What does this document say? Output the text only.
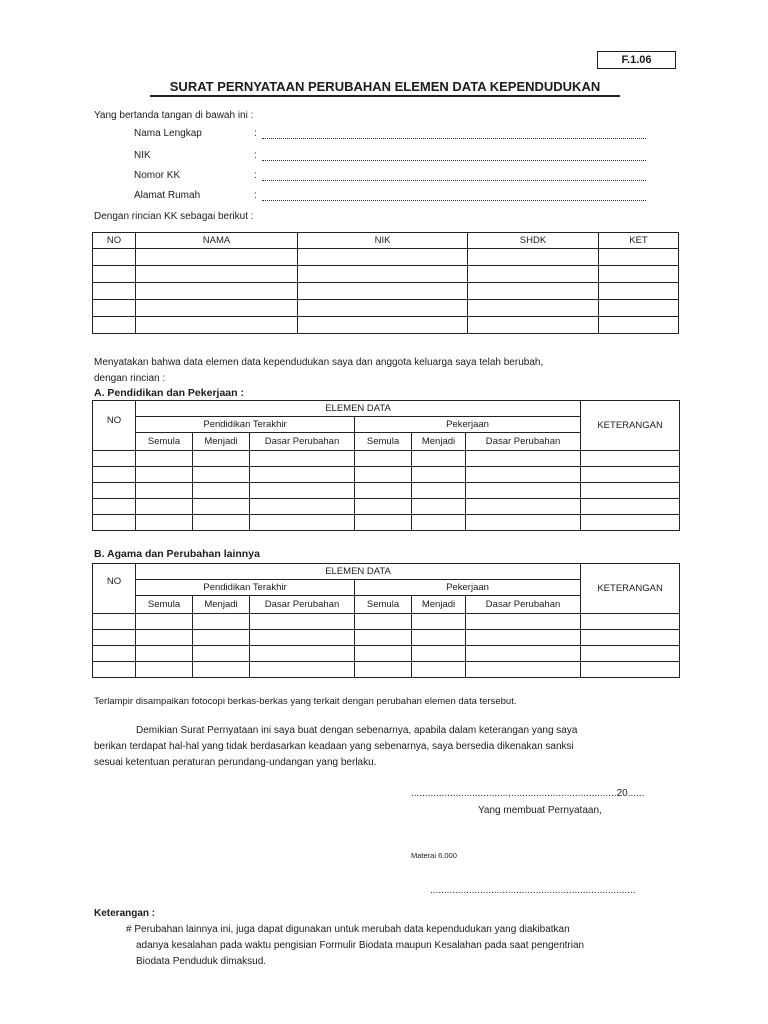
F.1.06
SURAT PERNYATAAN PERUBAHAN ELEMEN DATA KEPENDUDUKAN
Yang bertanda tangan di bawah ini :
Nama Lengkap	:
NIK	:
Nomor KK	:
Alamat Rumah	:
Dengan rincian KK sebagai berikut :
NO	NAMA	NIK	SHDK	KET

Menyatakan bahwa data elemen data kependudukan saya dan anggota keluarga saya telah berubah,
dengan rincian :
A. Pendidikan dan Pekerjaan :
NO	ELEMEN DATA						KETERANGAN
	Pendidikan Terakhir			Pekerjaan			
	Semula	Menjadi	Dasar Perubahan	Semula	Menjadi	Dasar Perubahan	

B. Agama dan Perubahan lainnya
NO	ELEMEN DATA						KETERANGAN
	Pendidikan Terakhir			Pekerjaan			
	Semula	Menjadi	Dasar Perubahan	Semula	Menjadi	Dasar Perubahan	

Terlampir disampaikan fotocopi berkas-berkas yang terkait dengan perubahan elemen data tersebut.
Demikian Surat Pernyataan ini saya buat dengan sebenarnya, apabila dalam keterangan yang saya
berikan terdapat hal-hal yang tidak berdasarkan keadaan yang sebenarnya, saya bersedia dikenakan sanksi
sesuai ketentuan peraturan perundang-undangan yang berlaku.
...................................,......................................20......
Yang membuat Pernyataan,
Materai 6.000
..........................................................................
Keterangan :
# Perubahan lainnya ini, juga dapat digunakan untuk merubah data kependudukan yang diakibatkan
adanya kesalahan pada waktu pengisian Formulir Biodata maupun Kesalahan pada saat pengentrian
Biodata Penduduk dimaksud.
